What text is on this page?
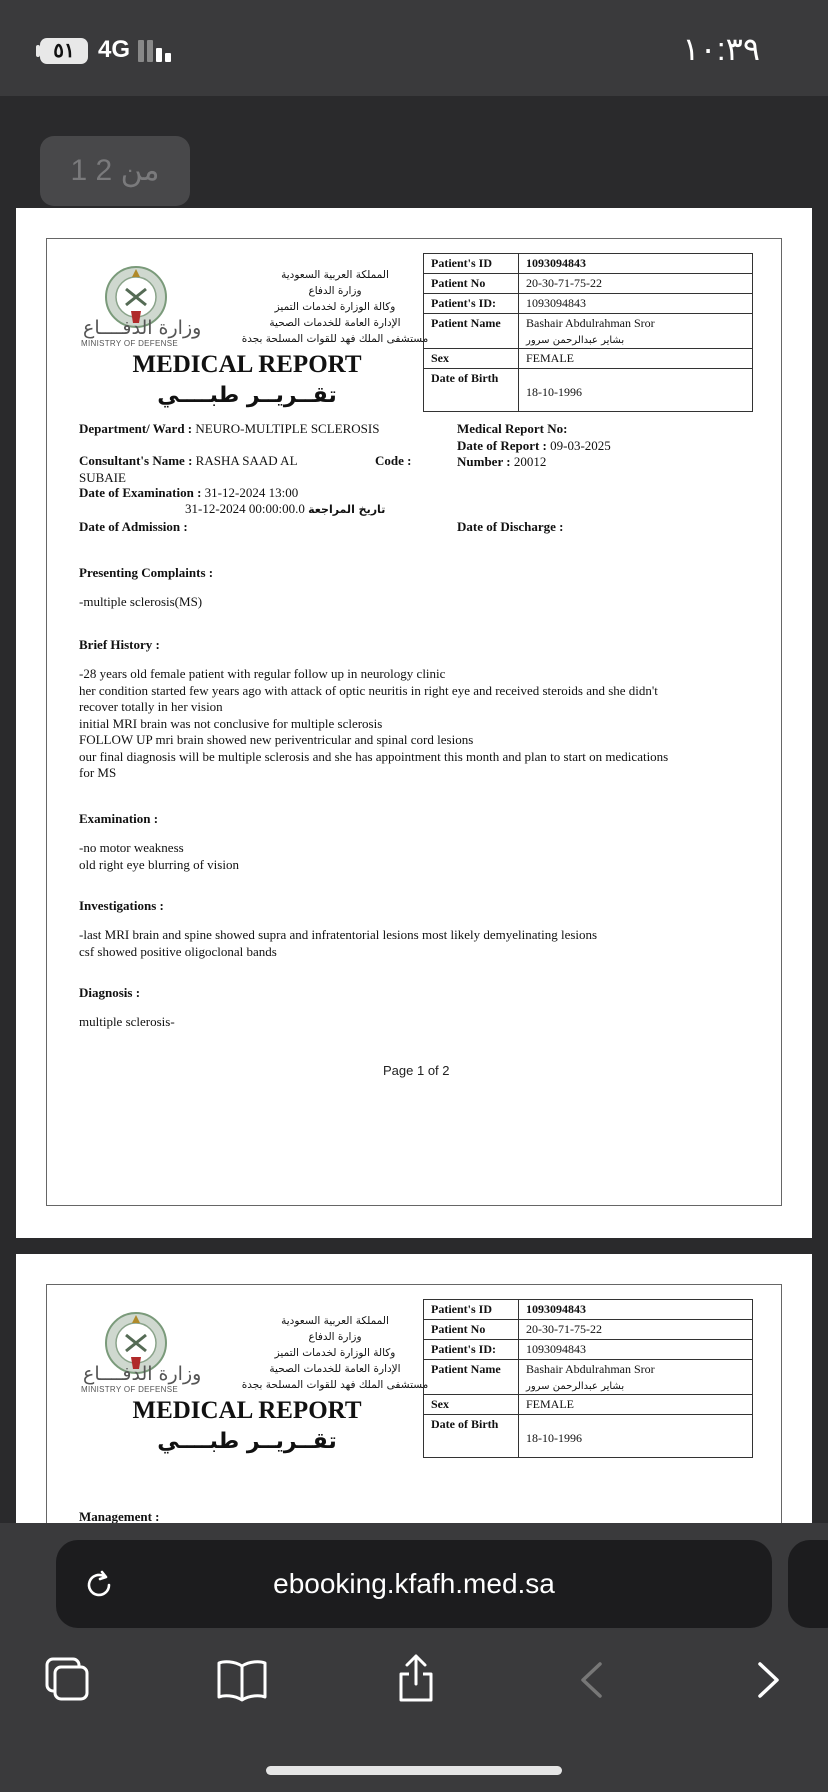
٥١ 4G	١٠:٣٩
1 من 2
وزارة الدفــــاع
MINISTRY OF DEFENSE
المملكة العربية السعودية
وزارة الدفاع
وكالة الوزارة لخدمات التميز
الإدارة العامة للخدمات الصحية
مستشفى الملك فهد للقوات المسلحة بجدة
MEDICAL REPORT
تقــريــر طبــــي
Patient's ID	1093094843
Patient No	20-30-71-75-22
Patient's ID:	1093094843
Patient Name	Bashair Abdulrahman Sror
بشاير عبدالرحمن سرور

Sex	FEMALE
Date of Birth	18-10-1996
Department/ Ward : NEURO-MULTIPLE SCLEROSIS	Medical Report No:
Date of Report : 09-03-2025
Number : 20012
Consultant's Name : RASHA SAAD AL
SUBAIE
Code :
Date of Examination : 31-12-2024 13:00
31-12-2024 00:00:00.0 تاريخ المراجعة
Date of Admission :	Date of Discharge :
Presenting Complaints :
-multiple sclerosis(MS)
Brief History :
-28 years old female patient with regular follow up in neurology clinic
her condition started few years ago with attack of optic neuritis in right eye and received steroids and she didn't
recover totally in her vision
initial MRI brain was not conclusive for multiple sclerosis
FOLLOW UP mri brain showed new periventricular and spinal cord lesions
our final diagnosis will be multiple sclerosis and she has appointment this month and plan to start on medications
for MS
Examination :
-no motor weakness
old right eye blurring of vision
Investigations :
-last MRI brain and spine showed supra and infratentorial lesions most likely demyelinating lesions
csf showed positive oligoclonal bands
Diagnosis :
multiple sclerosis-
Page 1 of 2
وزارة الدفــــاع
MINISTRY OF DEFENSE
المملكة العربية السعودية
وزارة الدفاع
وكالة الوزارة لخدمات التميز
الإدارة العامة للخدمات الصحية
مستشفى الملك فهد للقوات المسلحة بجدة
MEDICAL REPORT
تقــريــر طبــــي
Patient's ID	1093094843
Patient No	20-30-71-75-22
Patient's ID:	1093094843
Patient Name	Bashair Abdulrahman Sror
بشاير عبدالرحمن سرور

Sex	FEMALE
Date of Birth	18-10-1996
Management :
ebooking.kfafh.med.sa
